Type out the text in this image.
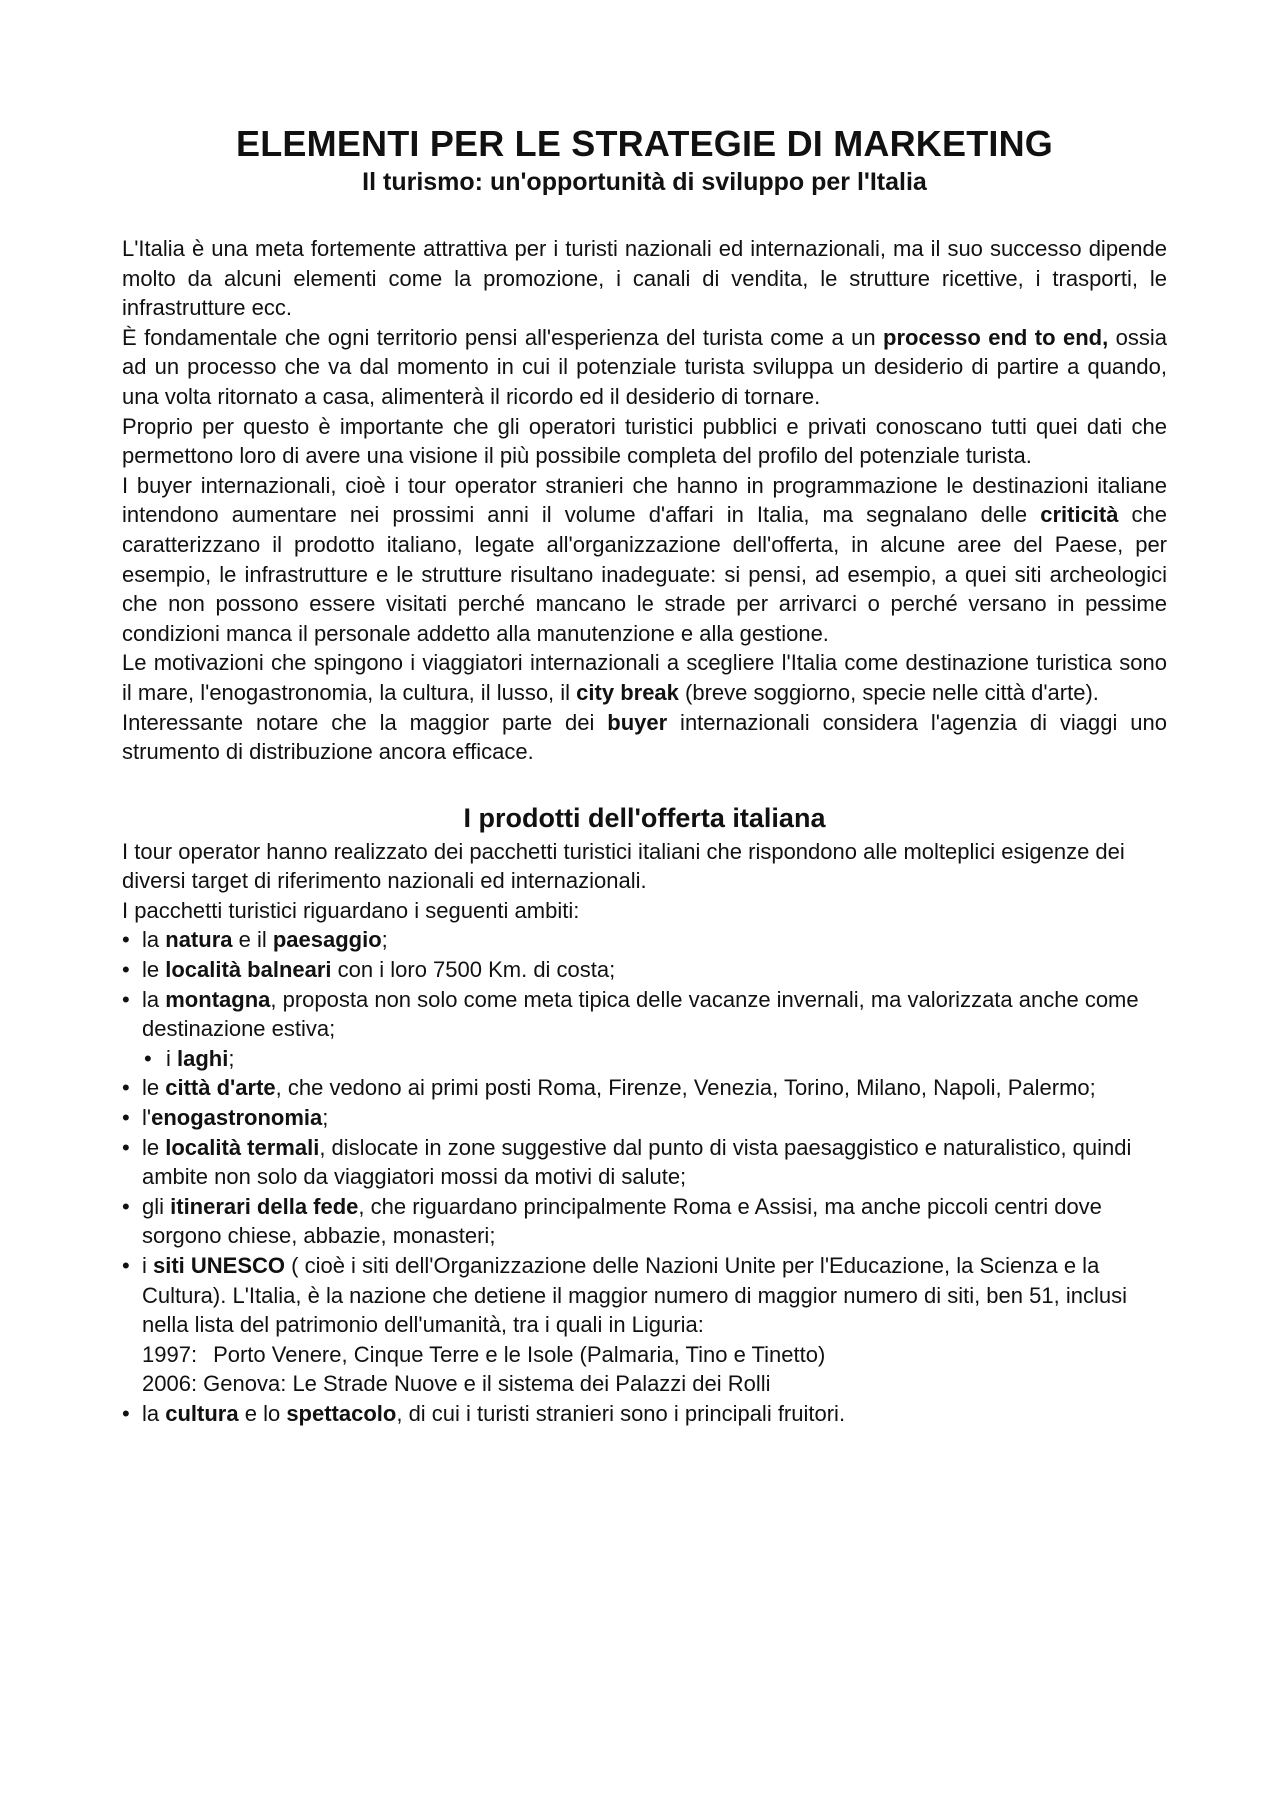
ELEMENTI PER LE STRATEGIE DI MARKETING
Il turismo: un'opportunità di sviluppo per l'Italia

L'Italia è una meta fortemente attrattiva per i turisti nazionali ed internazionali, ma il suo successo dipende molto da alcuni elementi come la promozione, i canali di vendita, le strutture ricettive, i trasporti, le infrastrutture ecc.

È fondamentale che ogni territorio pensi all'esperienza del turista come a un processo end to end, ossia ad un processo che va dal momento in cui il potenziale turista sviluppa un desiderio di partire a quando, una volta ritornato a casa, alimenterà il ricordo ed il desiderio di tornare.

Proprio per questo è importante che gli operatori turistici pubblici e privati conoscano tutti quei dati che permettono loro di avere una visione il più possibile completa del profilo del potenziale turista.

I buyer internazionali, cioè i tour operator stranieri che hanno in programmazione le destinazioni italiane intendono aumentare nei prossimi anni il volume d'affari in Italia, ma segnalano delle criticità che caratterizzano il prodotto italiano, legate all'organizzazione dell'offerta, in alcune aree del Paese, per esempio, le infrastrutture e le strutture risultano inadeguate: si pensi, ad esempio, a quei siti archeologici che non possono essere visitati perché mancano le strade per arrivarci o perché versano in pessime condizioni manca il personale addetto alla manutenzione e alla gestione.

Le motivazioni che spingono i viaggiatori internazionali a scegliere l'Italia come destinazione turistica sono il mare, l'enogastronomia, la cultura, il lusso, il city break (breve soggiorno, specie nelle città d'arte).

Interessante notare che la maggior parte dei buyer internazionali considera l'agenzia di viaggi uno strumento di distribuzione ancora efficace.

I prodotti dell'offerta italiana

I tour operator hanno realizzato dei pacchetti turistici italiani che rispondono alle molteplici esigenze dei diversi target di riferimento nazionali ed internazionali.

I pacchetti turistici riguardano i seguenti ambiti:

• la natura e il paesaggio;
• le località balneari con i loro 7500 Km. di costa;
• la montagna, proposta non solo come meta tipica delle vacanze invernali, ma valorizzata anche come destinazione estiva;
• i laghi;
• le città d'arte, che vedono ai primi posti Roma, Firenze, Venezia, Torino, Milano, Napoli, Palermo;
• l'enogastronomia;
• le località termali, dislocate in zone suggestive dal punto di vista paesaggistico e naturalistico, quindi ambite non solo da viaggiatori mossi da motivi di salute;
• gli itinerari della fede, che riguardano principalmente Roma e Assisi, ma anche piccoli centri dove sorgono chiese, abbazie, monasteri;
• i siti UNESCO ( cioè i siti dell'Organizzazione delle Nazioni Unite per l'Educazione, la Scienza e la Cultura). L'Italia, è la nazione che detiene il maggior numero di maggior numero di siti, ben 51, inclusi nella lista del patrimonio dell'umanità, tra i quali in Liguria:
1997: Porto Venere, Cinque Terre e le Isole (Palmaria, Tino e Tinetto)
2006: Genova: Le Strade Nuove e il sistema dei Palazzi dei Rolli
• la cultura e lo spettacolo, di cui i turisti stranieri sono i principali fruitori.
